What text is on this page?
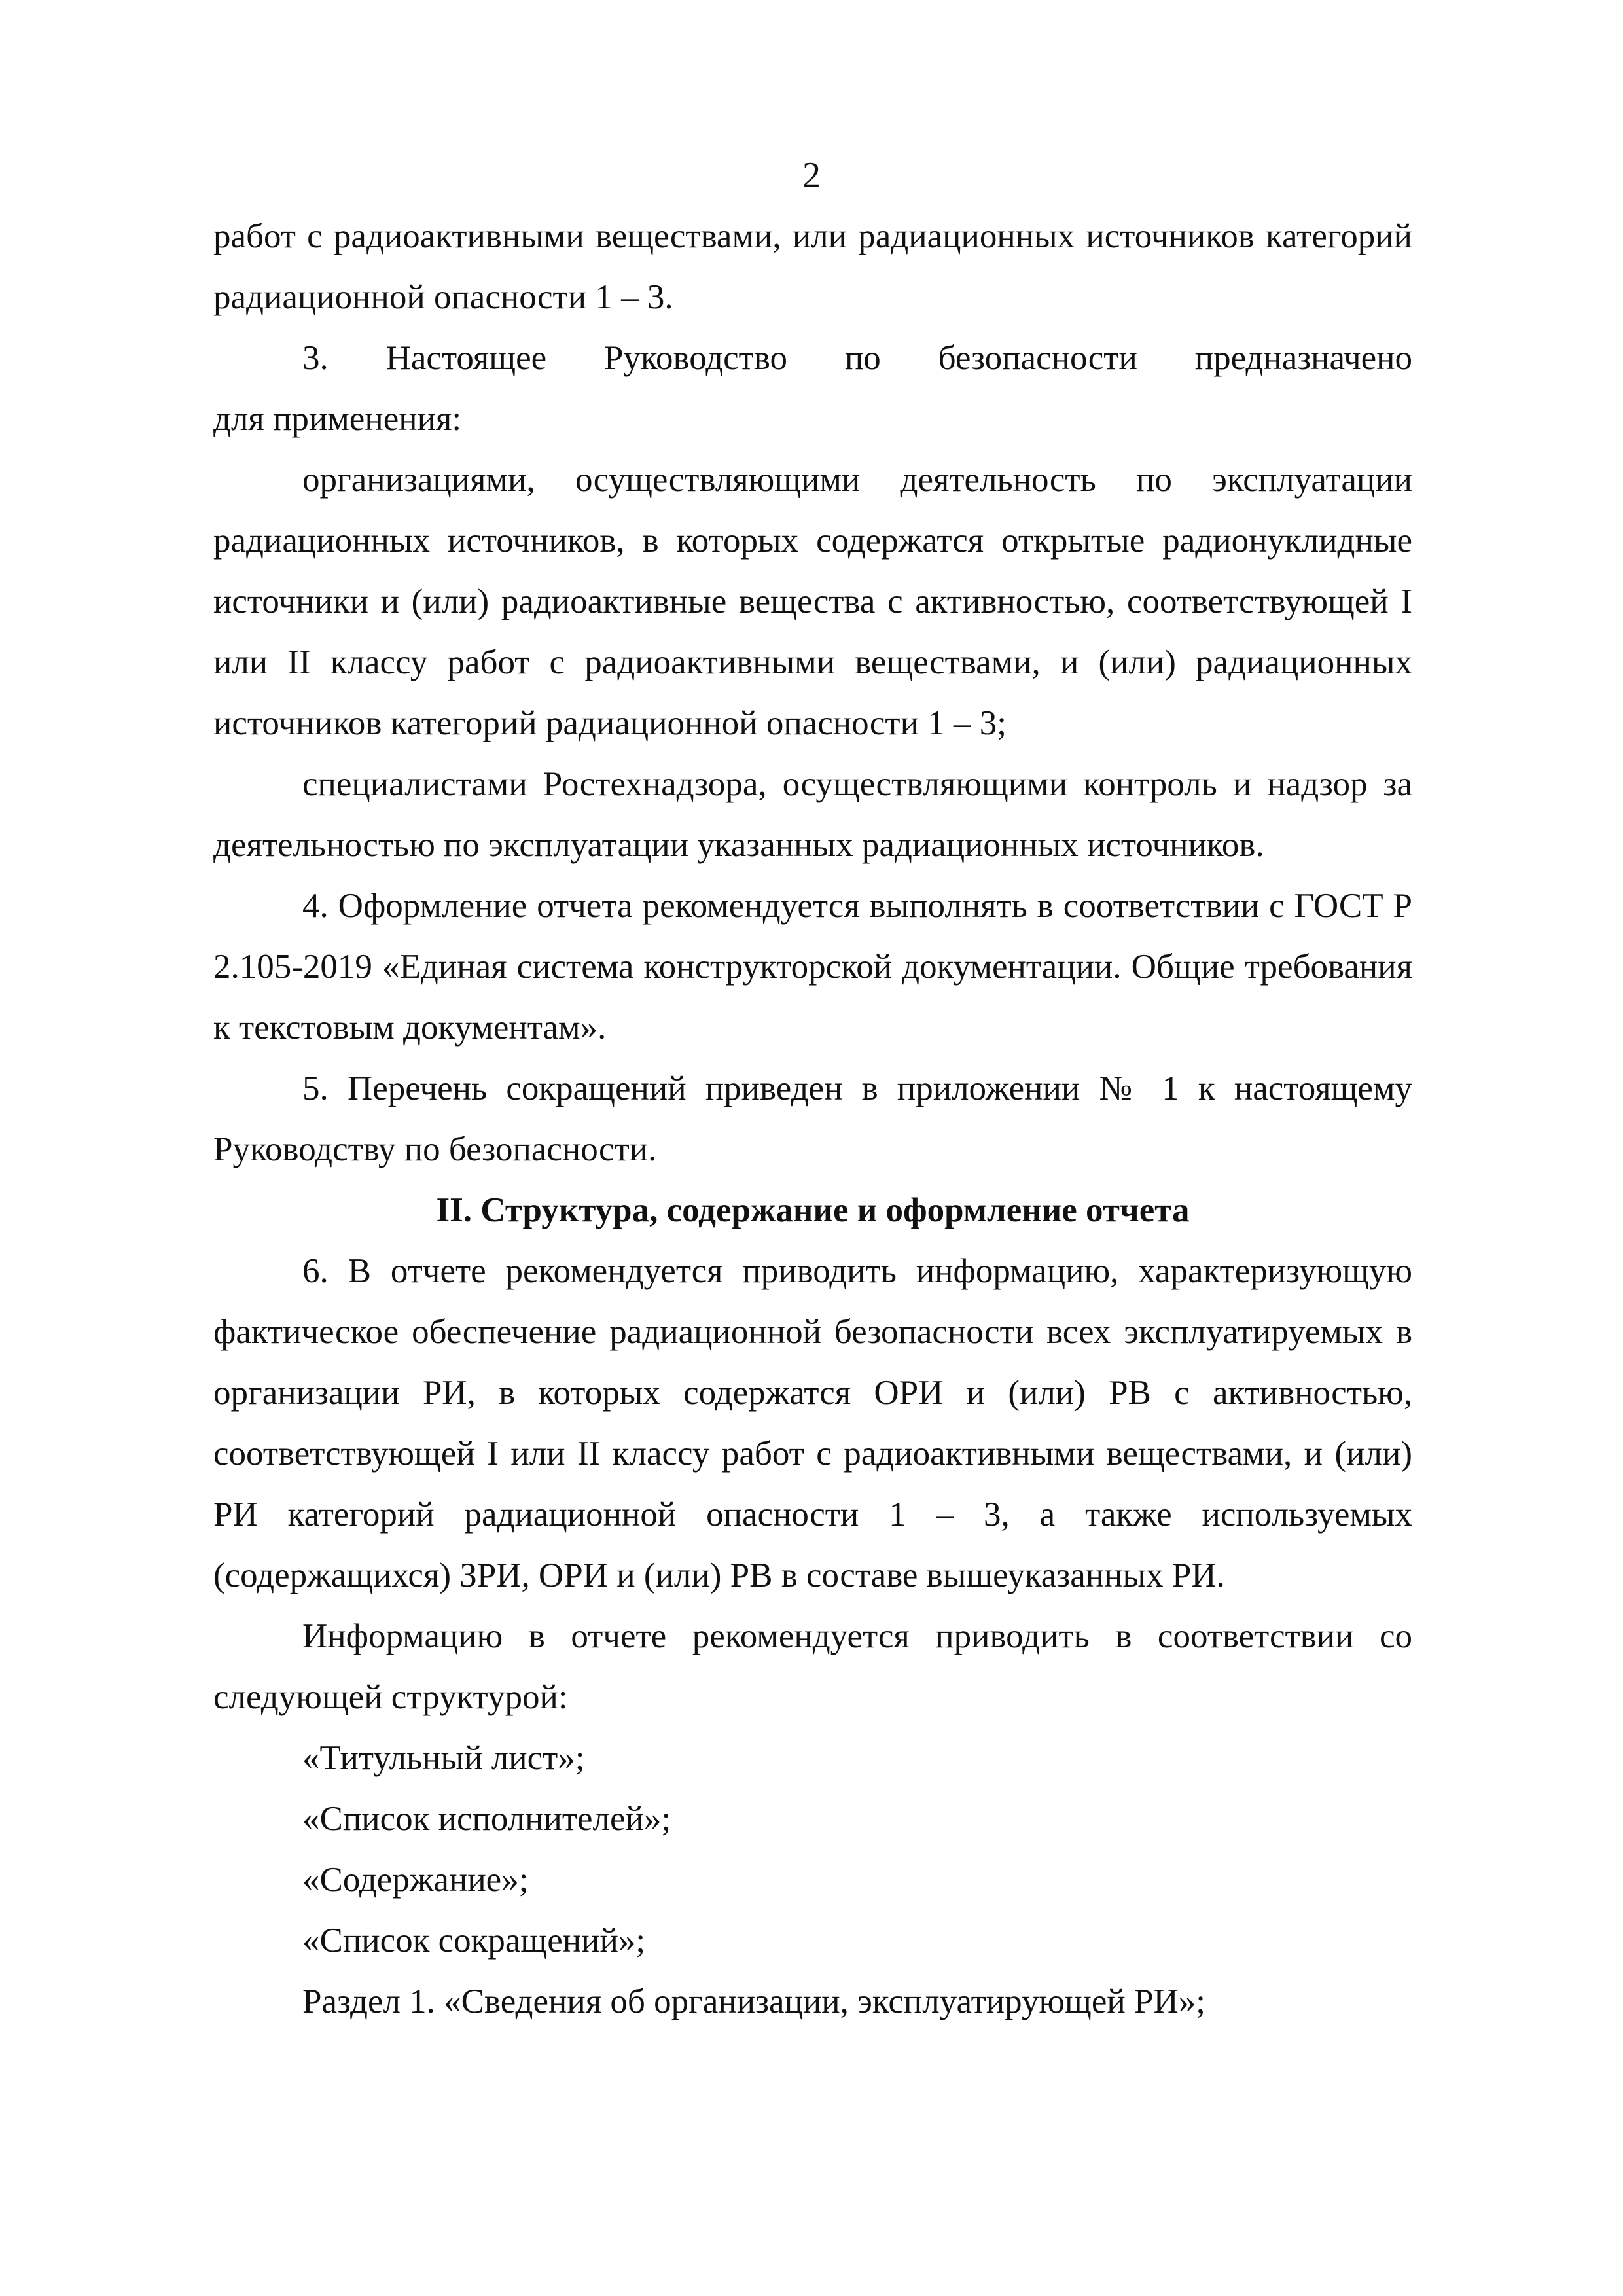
2

работ с радиоактивными веществами, или радиационных источников категорий радиационной опасности 1 – 3.

3. Настоящее Руководство по безопасности предназначено

для применения:

организациями, осуществляющими деятельность по эксплуатации радиационных источников, в которых содержатся открытые радионуклидные источники и (или) радиоактивные вещества с активностью, соответствующей I или II классу работ с радиоактивными веществами, и (или) радиационных источников категорий радиационной опасности 1 – 3;

специалистами Ростехнадзора, осуществляющими контроль и надзор за деятельностью по эксплуатации указанных радиационных источников.

4. Оформление отчета рекомендуется выполнять в соответствии с ГОСТ Р 2.105-2019 «Единая система конструкторской документации. Общие требования к текстовым документам».

5. Перечень сокращений приведен в приложении № 1 к настоящему Руководству по безопасности.

II. Структура, содержание и оформление отчета

6. В отчете рекомендуется приводить информацию, характеризующую фактическое обеспечение радиационной безопасности всех эксплуатируемых в организации РИ, в которых содержатся ОРИ и (или) РВ с активностью, соответствующей I или II классу работ с радиоактивными веществами, и (или) РИ категорий радиационной опасности 1 – 3, а также используемых (содержащихся) ЗРИ, ОРИ и (или) РВ в составе вышеуказанных РИ.

Информацию в отчете рекомендуется приводить в соответствии со следующей структурой:

«Титульный лист»;

«Список исполнителей»;

«Содержание»;

«Список сокращений»;

Раздел 1. «Сведения об организации, эксплуатирующей РИ»;
